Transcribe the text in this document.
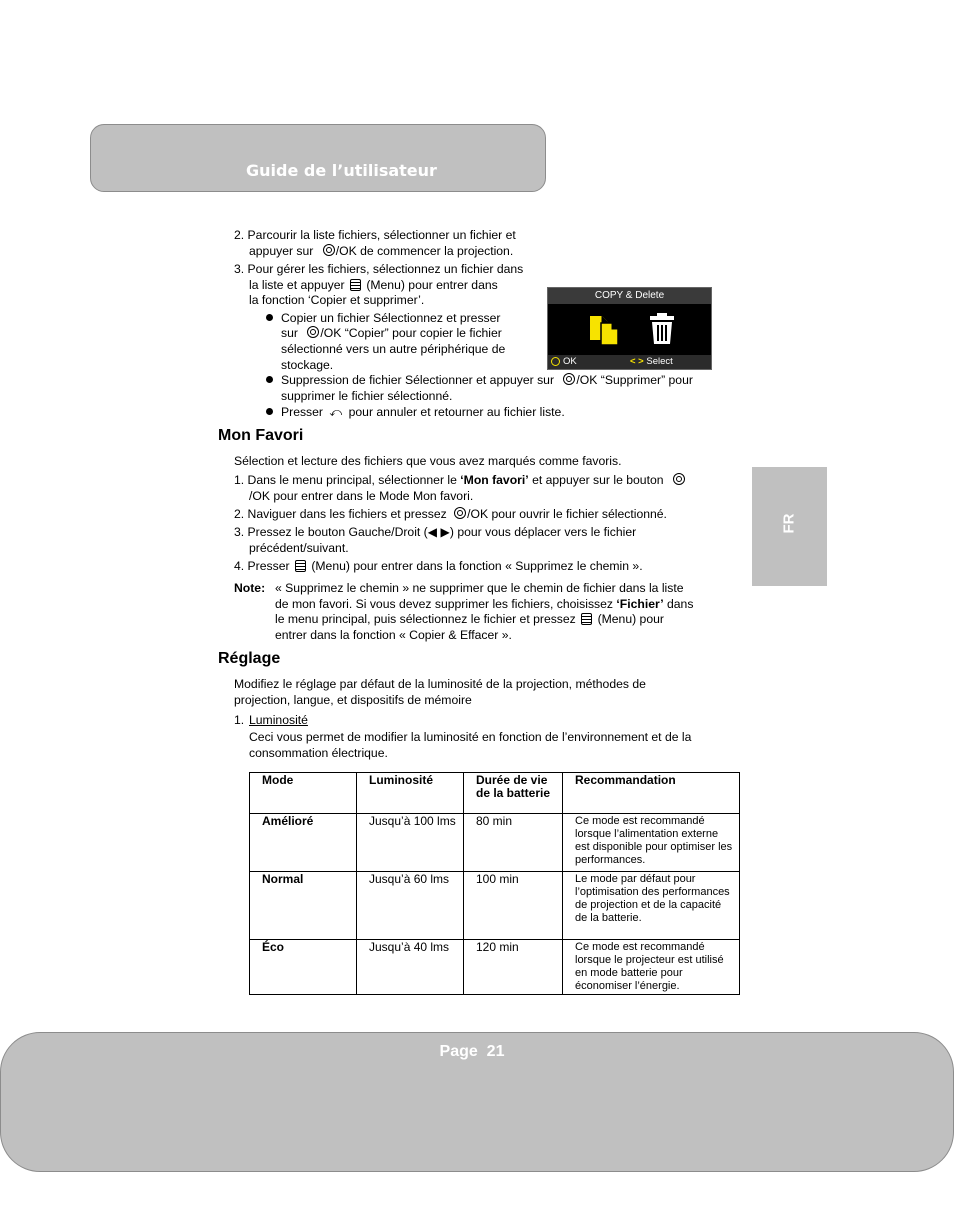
Guide de l’utilisateur
FR
2. Parcourir la liste fichiers, sélectionner un fichier et
appuyer sur /OK de commencer la projection.
3. Pour gérer les fichiers, sélectionnez un fichier dans
la liste et appuyer (Menu) pour entrer dans
la fonction ‘Copier et supprimer’.
Copier un fichier Sélectionnez et presser
sur /OK “Copier” pour copier le fichier
sélectionné vers un autre périphérique de
stockage.
Suppression de fichier Sélectionner et appuyer sur /OK “Supprimer” pour
supprimer le fichier sélectionné.
Presser ⤺ pour annuler et retourner au fichier liste.
COPY & Delete
OK	< > Select
Mon Favori
Sélection et lecture des fichiers que vous avez marqués comme favoris.
1. Dans le menu principal, sélectionner le ‘Mon favori’ et appuyer sur le bouton
/OK pour entrer dans le Mode Mon favori.
2. Naviguer dans les fichiers et pressez /OK pour ouvrir le fichier sélectionné.
3. Pressez le bouton Gauche/Droit (◀ ▶) pour vous déplacer vers le fichier
précédent/suivant.
4. Presser (Menu) pour entrer dans la fonction « Supprimez le chemin ».
Note: « Supprimez le chemin » ne supprimer que le chemin de fichier dans la liste
de mon favori. Si vous devez supprimer les fichiers, choisissez ‘Fichier’ dans
le menu principal, puis sélectionnez le fichier et pressez (Menu) pour
entrer dans la fonction « Copier & Effacer ».
Réglage
Modifiez le réglage par défaut de la luminosité de la projection, méthodes de
projection, langue, et dispositifs de mémoire
1. Luminosité
Ceci vous permet de modifier la luminosité en fonction de l’environnement et de la
consommation électrique.
Mode	Luminosité	Durée de vie de la batterie	Recommandation
Amélioré	Jusqu’à 100 lms	80 min	Ce mode est recommandé lorsque l’alimentation externe est disponible pour optimiser les performances.
Normal	Jusqu’à 60 lms	100 min	Le mode par défaut pour l’optimisation des performances de projection et de la capacité de la batterie.
Éco	Jusqu’à 40 lms	120 min	Ce mode est recommandé lorsque le projecteur est utilisé en mode batterie pour économiser l’énergie.
Page 21
